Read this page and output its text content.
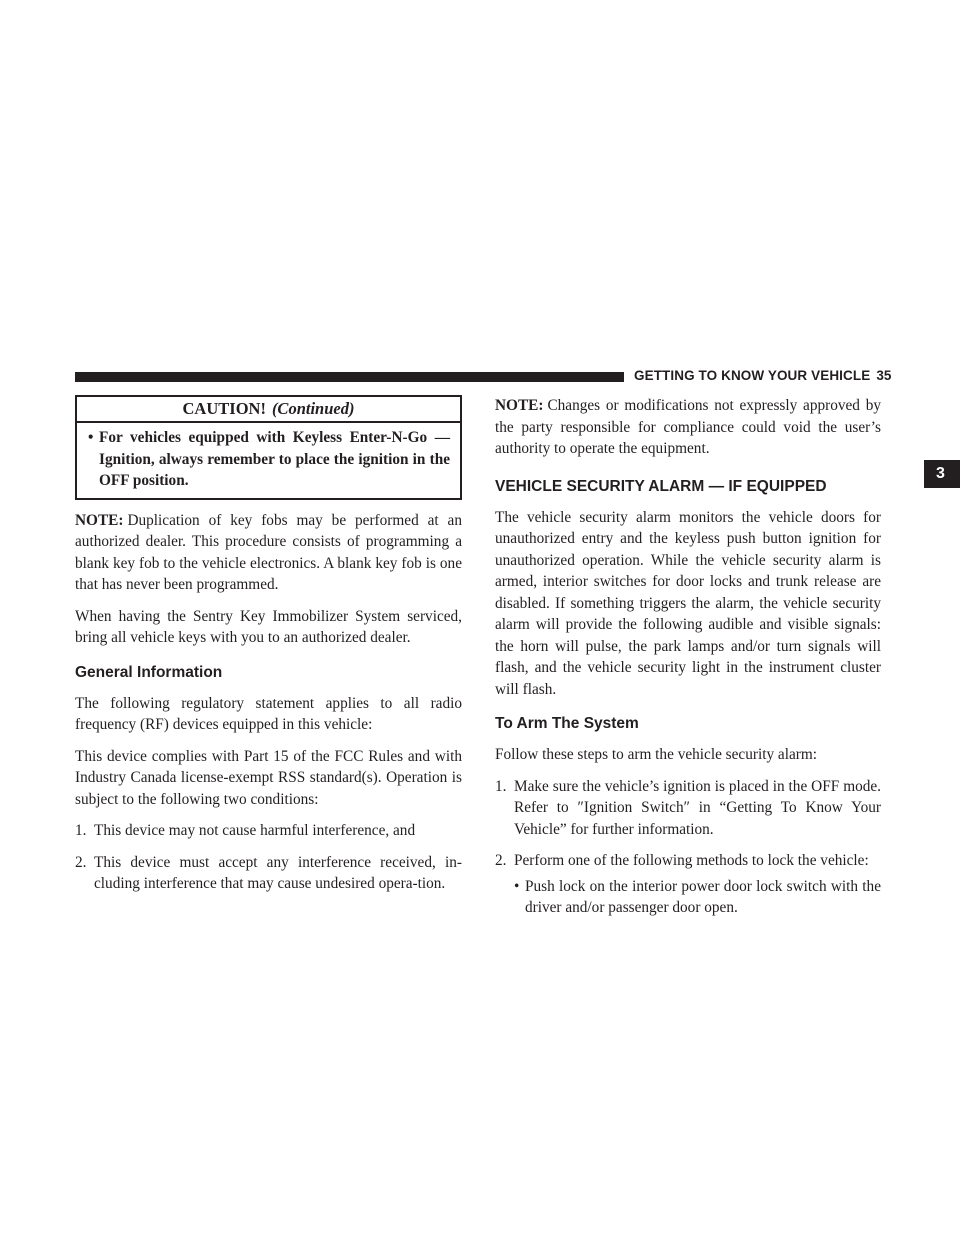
GETTING TO KNOW YOUR VEHICLE 35
3
CAUTION! (Continued)
• For vehicles equipped with Keyless Enter-N-Go — Ignition, always remember to place the ignition in the OFF position.

NOTE: Duplication of key fobs may be performed at an authorized dealer. This procedure consists of programming a blank key fob to the vehicle electronics. A blank key fob is one that has never been programmed.

When having the Sentry Key Immobilizer System serviced, bring all vehicle keys with you to an authorized dealer.

General Information

The following regulatory statement applies to all radio frequency (RF) devices equipped in this vehicle:

This device complies with Part 15 of the FCC Rules and with Industry Canada license-exempt RSS standard(s). Operation is subject to the following two conditions:

1. This device may not cause harmful interference, and
2. This device must accept any interference received, in-cluding interference that may cause undesired opera-tion.

NOTE: Changes or modifications not expressly approved by the party responsible for compliance could void the user’s authority to operate the equipment.

VEHICLE SECURITY ALARM — IF EQUIPPED

The vehicle security alarm monitors the vehicle doors for unauthorized entry and the keyless push button ignition for unauthorized operation. While the vehicle security alarm is armed, interior switches for door locks and trunk release are disabled. If something triggers the alarm, the vehicle security alarm will provide the following audible and visible signals: the horn will pulse, the park lamps and/or turn signals will flash, and the vehicle security light in the instrument cluster will flash.

To Arm The System

Follow these steps to arm the vehicle security alarm:

1. Make sure the vehicle’s ignition is placed in the OFF mode. Refer to ″Ignition Switch″ in “Getting To Know Your Vehicle” for further information.
2. Perform one of the following methods to lock the vehicle:
• Push lock on the interior power door lock switch with the driver and/or passenger door open.
